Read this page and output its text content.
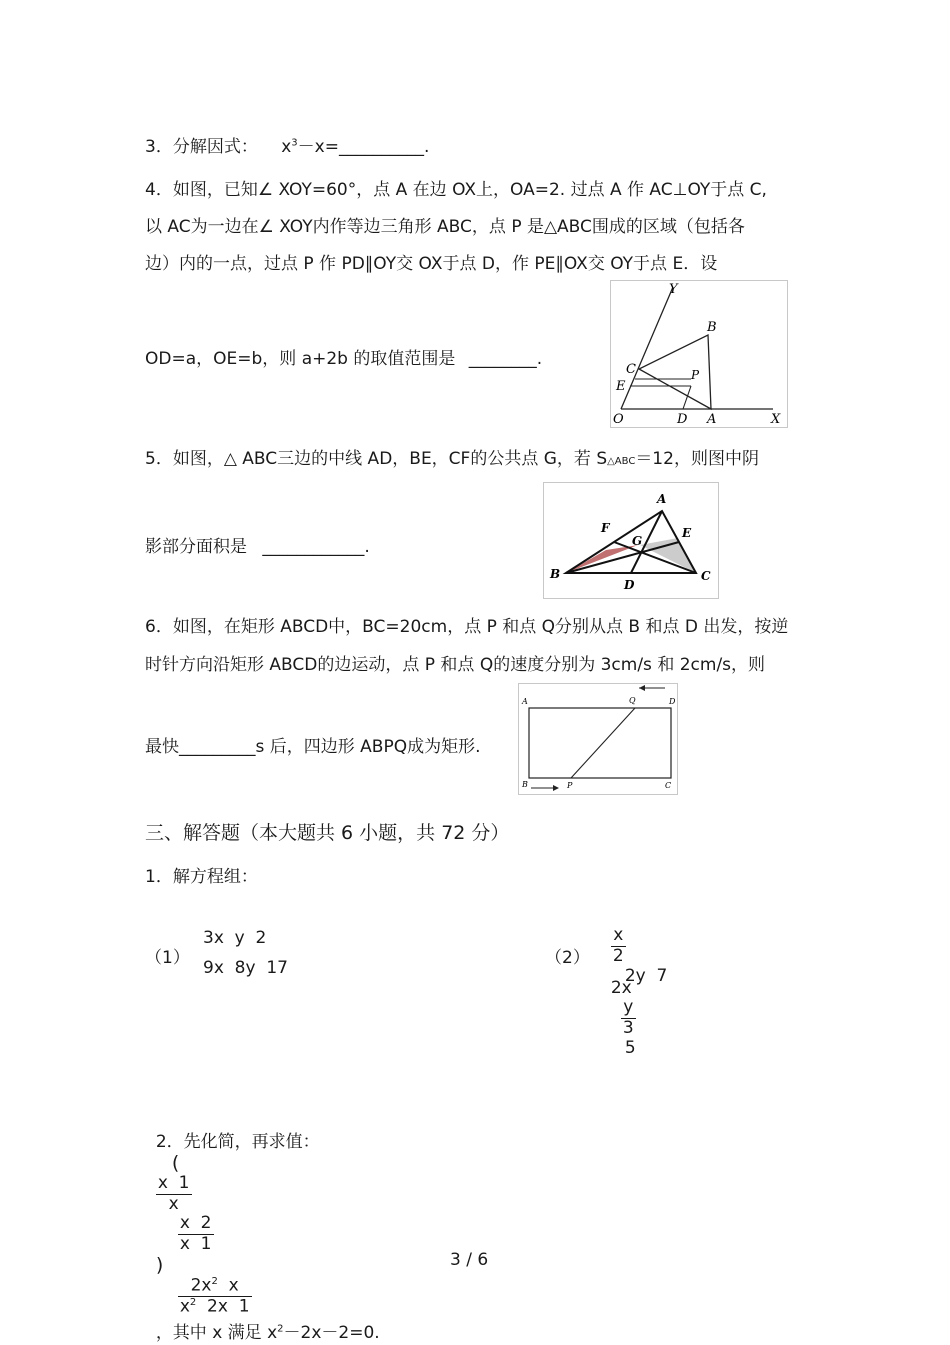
3．分解因式： $x^3-x=\_\_\_\_\_\_\_\_\_\_$.
4．如图，已知∠ XOY=60°，点 A 在边 OX上，OA=2. 过点 A 作 AC⊥OY于点 C,
以 AC为一边在∠ XOY内作等边三角形 ABC，点 P 是△ABC围成的区域（包括各
边）内的一点，过点 P 作 PD∥OY交 OX于点 D，作 PE∥OX交 OY于点 E．设
OD=a，OE=b，则 a+2b 的取值范围是 ________.
Y
B
C
E
P
O	D A	X
5．如图，△ ABC三边的中线 AD，BE，CF的公共点 G，若 S△ABC＝12，则图中阴
影部分面积是 ____________.
A
F	E
G
B
D
C
6．如图，在矩形 ABCD中，BC=20cm，点 P 和点 Q分别从点 B 和点 D 出发，按逆
时针方向沿矩形 ABCD的边运动，点 P 和点 Q的速度分别为 3cm/s 和 2cm/s，则
最快_________s 后，四边形 ABPQ成为矩形.
A	Q	D
B	P	C
三、解答题（本大题共 6 小题，共 72 分）
1．解方程组：
（1）
3x  y  2
9x  8y  17	（2）

$\frac{x}{2}$

2y  7

2x

$\frac{y}{3}$

5

2．先化简，再求值：
(

$\frac{x 1}{x}$

$\frac{x 2}{x 1}$

)

$\frac{2x^2 x}{x^2 2x 1}$

，其中 x 满足 $x^2-2x-2=0$.

3 / 6
